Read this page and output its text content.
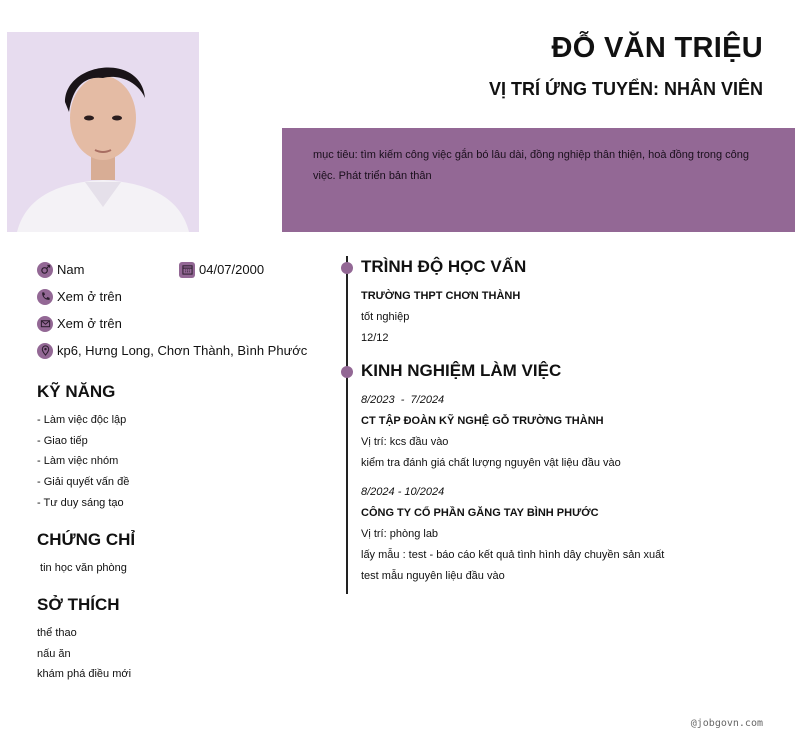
ĐỖ VĂN TRIỆU
VỊ TRÍ ỨNG TUYỂN: NHÂN VIÊN

mục tiêu: tìm kiếm công việc gắn bó lâu dài, đồng nghiệp thân thiện, hoà đồng trong công việc. Phát triển bản thân

Nam	04/07/2000
Xem ở trên
Xem ở trên
kp6, Hưng Long, Chơn Thành, Bình Phước
KỸ NĂNG
- Làm việc độc lập
- Giao tiếp
- Làm việc nhóm
- Giải quyết vấn đề
- Tư duy sáng tạo
CHỨNG CHỈ
tin học văn phòng
SỞ THÍCH
thể thao
nấu ăn
khám phá điều mới
TRÌNH ĐỘ HỌC VẤN
TRƯỜNG THPT CHƠN THÀNH
tốt nghiệp
12/12
KINH NGHIỆM LÀM VIỆC
8/2023  -  7/2024
CT TẬP ĐOÀN KỸ NGHỆ GỖ TRƯỜNG THÀNH
Vị trí: kcs đầu vào
kiểm tra đánh giá chất lượng nguyên vật liệu đầu vào
8/2024 - 10/2024
CÔNG TY CỔ PHẦN GĂNG TAY BÌNH PHƯỚC
Vị trí: phòng lab
lấy mẫu : test - báo cáo kết quả tình hình dây chuyền sản xuất
test mẫu nguyên liệu đầu vào
@jobgovn.com
